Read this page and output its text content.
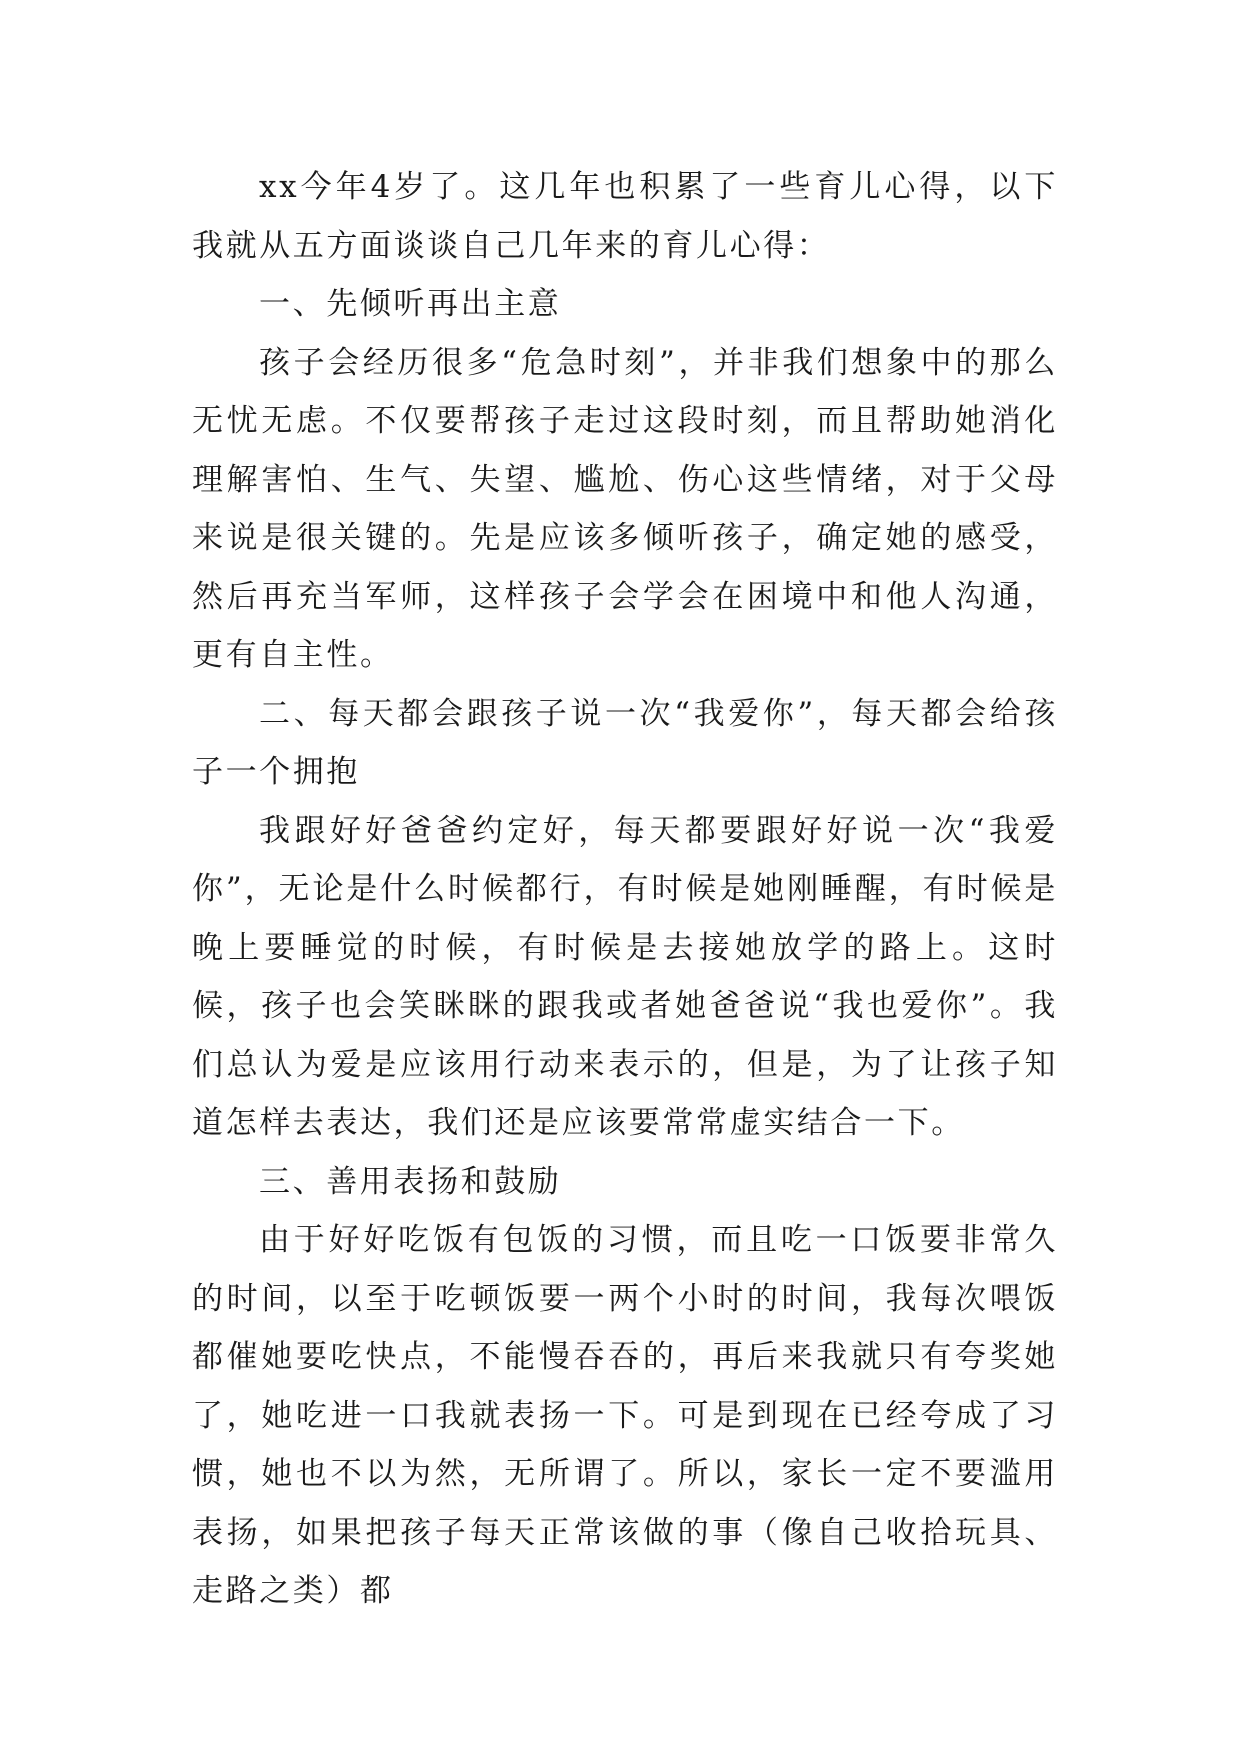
xx今年4岁了。这几年也积累了一些育儿心得，以下我就从五方面谈谈自己几年来的育儿心得：

一、先倾听再出主意

孩子会经历很多“危急时刻”，并非我们想象中的那么无忧无虑。不仅要帮孩子走过这段时刻，而且帮助她消化理解害怕、生气、失望、尴尬、伤心这些情绪，对于父母来说是很关键的。先是应该多倾听孩子，确定她的感受，然后再充当军师，这样孩子会学会在困境中和他人沟通，更有自主性。

二、每天都会跟孩子说一次“我爱你”，每天都会给孩子一个拥抱

我跟好好爸爸约定好，每天都要跟好好说一次“我爱你”，无论是什么时候都行，有时候是她刚睡醒，有时候是晚上要睡觉的时候，有时候是去接她放学的路上。这时候，孩子也会笑眯眯的跟我或者她爸爸说“我也爱你”。我们总认为爱是应该用行动来表示的，但是，为了让孩子知道怎样去表达，我们还是应该要常常虚实结合一下。

三、善用表扬和鼓励

由于好好吃饭有包饭的习惯，而且吃一口饭要非常久的时间，以至于吃顿饭要一两个小时的时间，我每次喂饭都催她要吃快点，不能慢吞吞的，再后来我就只有夸奖她了，她吃进一口我就表扬一下。可是到现在已经夸成了习惯，她也不以为然，无所谓了。所以，家长一定不要滥用表扬，如果把孩子每天正常该做的事（像自己收拾玩具、走路之类）都
